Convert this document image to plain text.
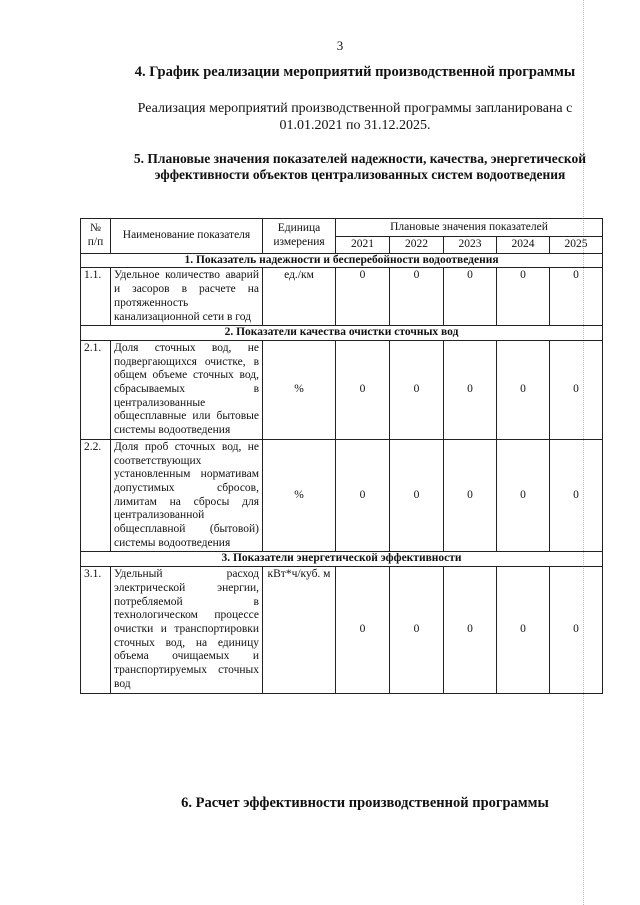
3
4. График реализации мероприятий производственной программы
Реализация мероприятий производственной программы запланирована с 01.01.2021 по 31.12.2025.
5. Плановые значения показателей надежности, качества, энергетической эффективности объектов централизованных систем водоотведения
№ п/п	Наименование показателя	Единица измерения	Плановые значения показателей				
			2021	2022	2023	2024	2025
1. Показатель надежности и бесперебойности водоотведения							
1.1.	Удельное количество аварий и засоров в расчете на протяженность канализационной сети в год	ед./км	0	0	0	0	0
2. Показатели качества очистки сточных вод							
2.1.	Доля сточных вод, не подвергающихся очистке, в общем объеме сточных вод, сбрасываемых в централизованные общесплавные или бытовые системы водоотведения	%	0	0	0	0	0
2.2.	Доля проб сточных вод, не соответствующих установленным нормативам допустимых сбросов, лимитам на сбросы для централизованной общесплавной (бытовой) системы водоотведения	%	0	0	0	0	0
3. Показатели энергетической эффективности							
3.1.	Удельный расход электрической энергии, потребляемой в технологическом процессе очистки и транспортировки сточных вод, на единицу объема очищаемых и транспортируемых сточных вод	кВт*ч/куб. м	0	0	0	0	0
6. Расчет эффективности производственной программы
